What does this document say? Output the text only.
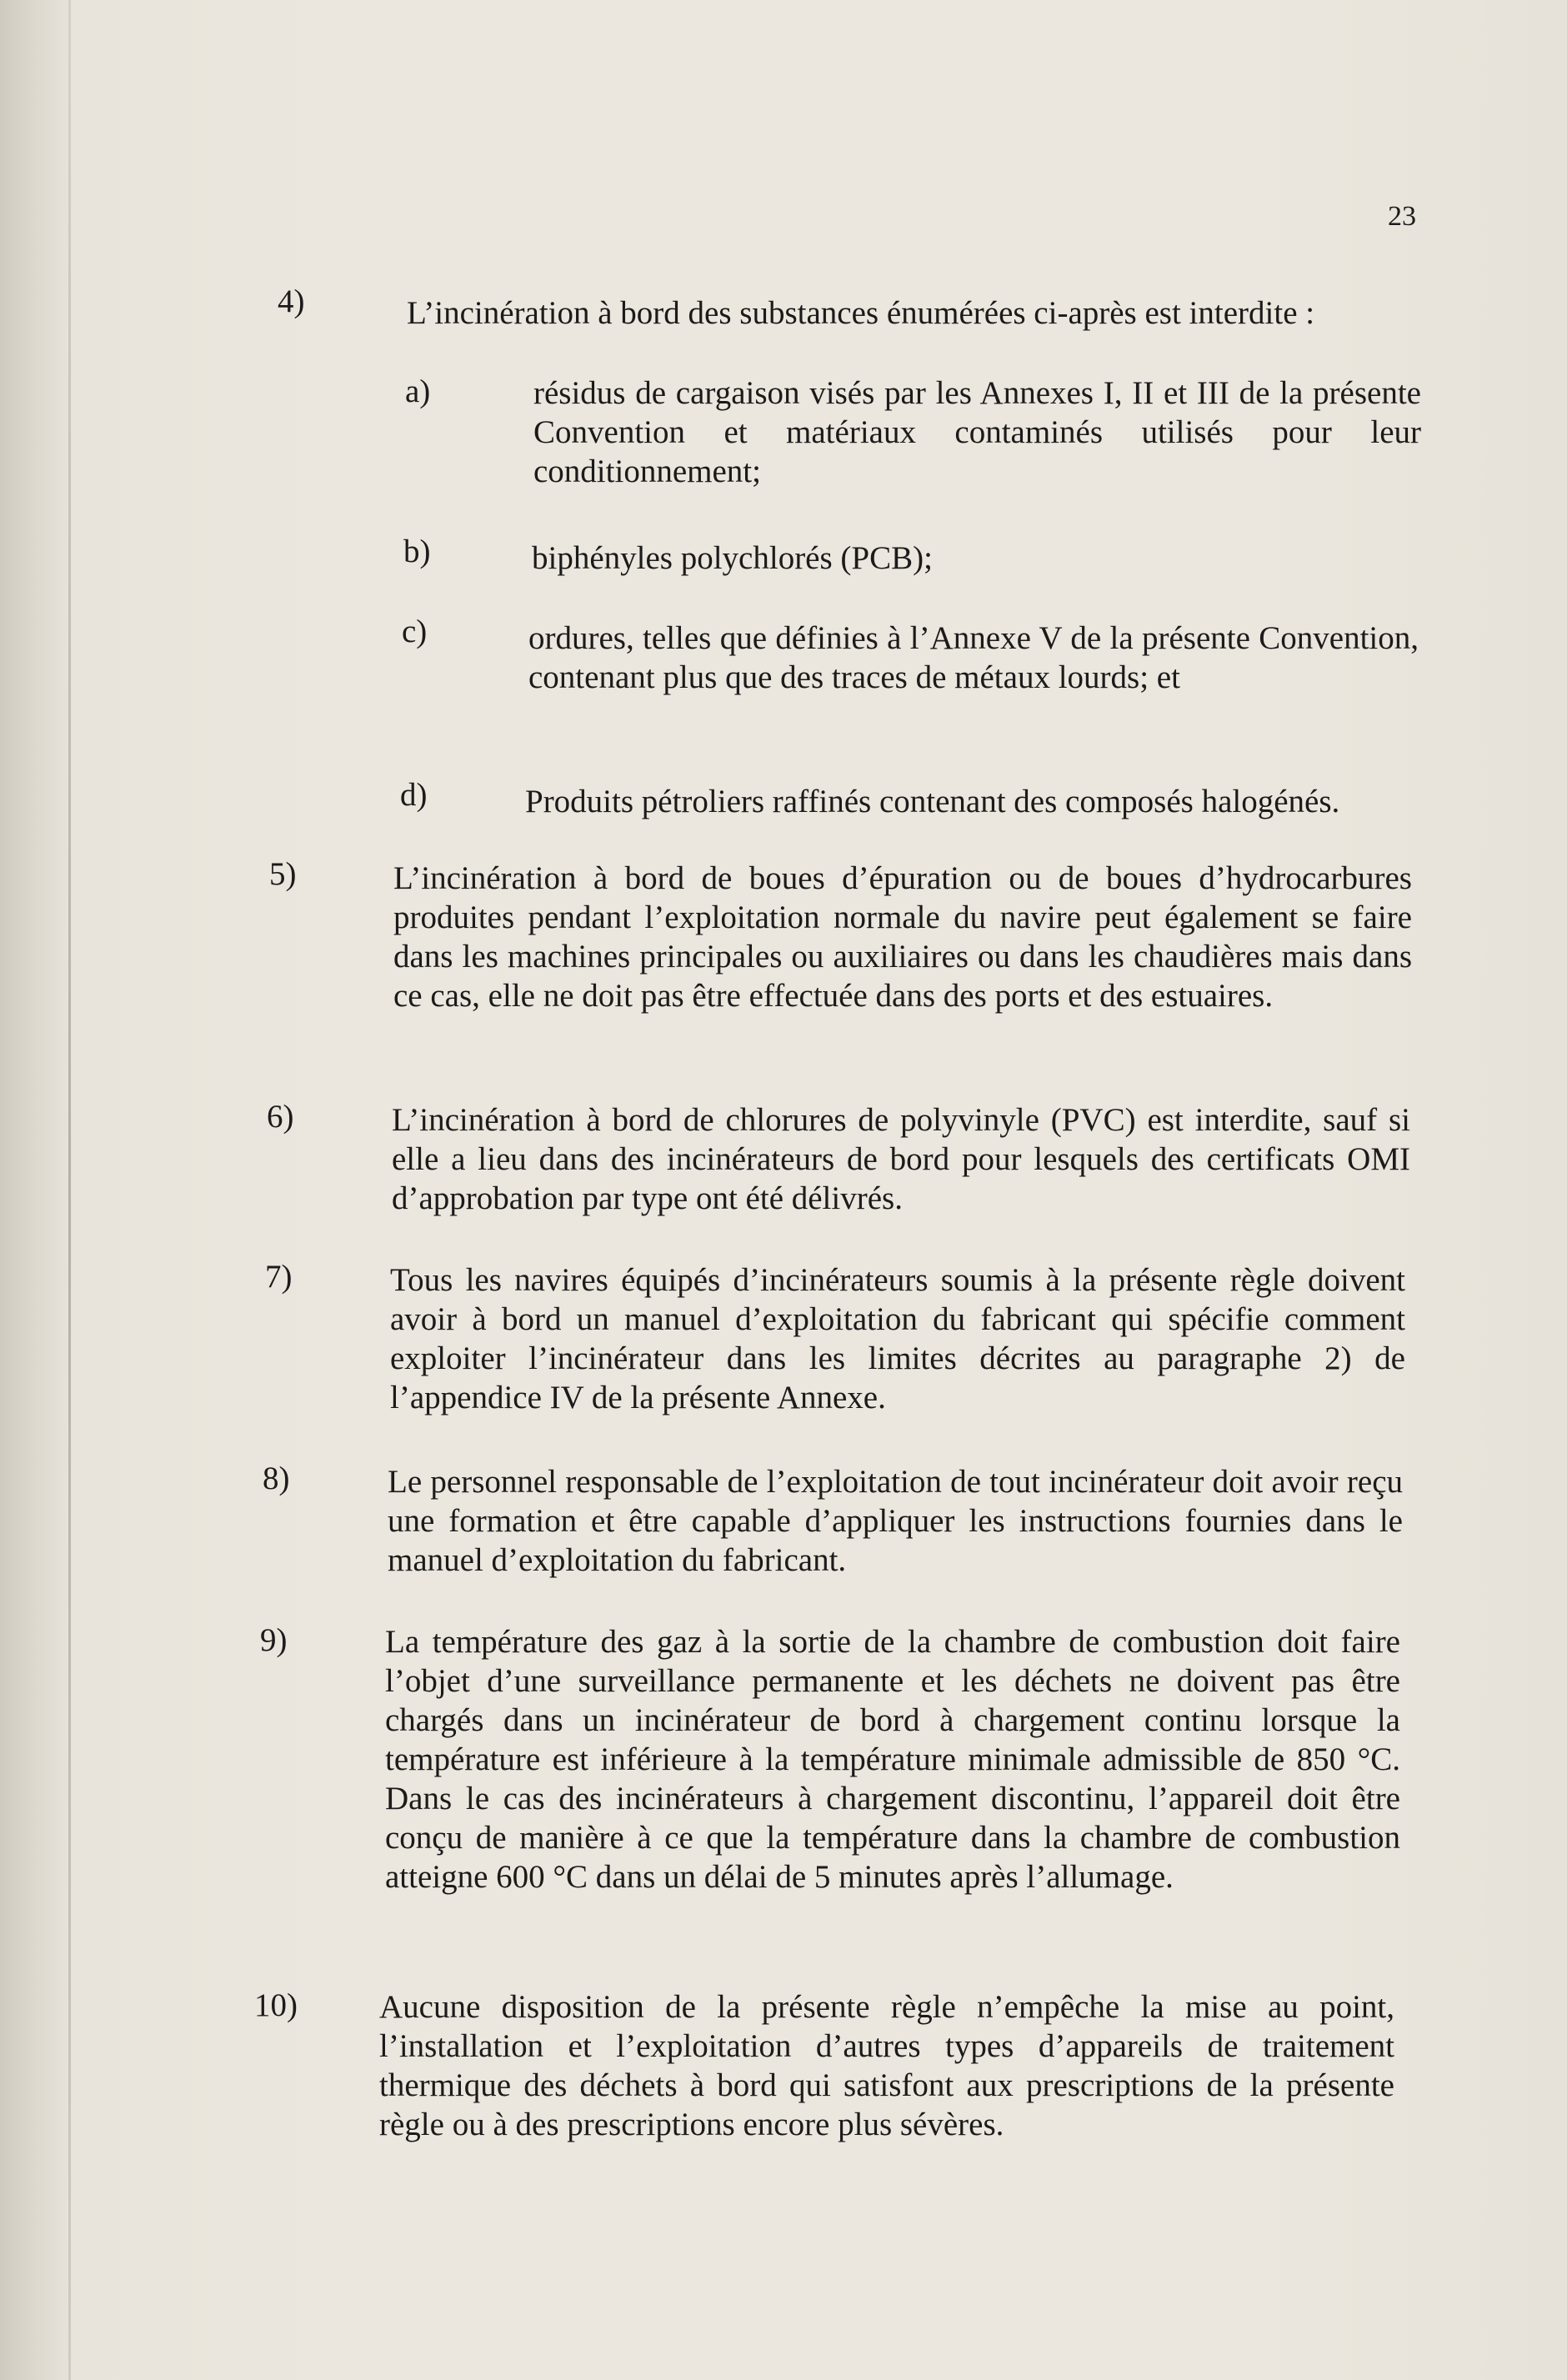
23
4)	L’incinération à bord des substances énumérées ci-après est interdite :
a)	résidus de cargaison visés par les Annexes I, II et III de la présente Convention et matériaux contaminés utilisés pour leur conditionnement;
b)	biphényles polychlorés (PCB);
c)	ordures, telles que définies à l’Annexe V de la présente Convention, contenant plus que des traces de métaux lourds; et
d)	Produits pétroliers raffinés contenant des composés halogénés.
5)	L’incinération à bord de boues d’épuration ou de boues d’hydrocarbures produites pendant l’exploitation normale du navire peut également se faire dans les machines principales ou auxiliaires ou dans les chaudières mais dans ce cas, elle ne doit pas être effectuée dans des ports et des estuaires.
6)	L’incinération à bord de chlorures de polyvinyle (PVC) est interdite, sauf si elle a lieu dans des incinérateurs de bord pour lesquels des certificats OMI d’approbation par type ont été délivrés.
7)	Tous les navires équipés d’incinérateurs soumis à la présente règle doivent avoir à bord un manuel d’exploitation du fabricant qui spécifie comment exploiter l’incinérateur dans les limites décrites au paragraphe 2) de l’appendice IV de la présente Annexe.
8)	Le personnel responsable de l’exploitation de tout incinérateur doit avoir reçu une formation et être capable d’appliquer les instructions fournies dans le manuel d’exploitation du fabricant.
9)	La température des gaz à la sortie de la chambre de combustion doit faire l’objet d’une surveillance permanente et les déchets ne doivent pas être chargés dans un incinérateur de bord à chargement continu lorsque la température est inférieure à la température minimale admissible de 850 °C. Dans le cas des incinérateurs à chargement discontinu, l’appareil doit être conçu de manière à ce que la température dans la chambre de combustion atteigne 600 °C dans un délai de 5 minutes après l’allumage.
10)	Aucune disposition de la présente règle n’empêche la mise au point, l’installation et l’exploitation d’autres types d’appareils de traitement thermique des déchets à bord qui satisfont aux prescriptions de la présente règle ou à des prescriptions encore plus sévères.
